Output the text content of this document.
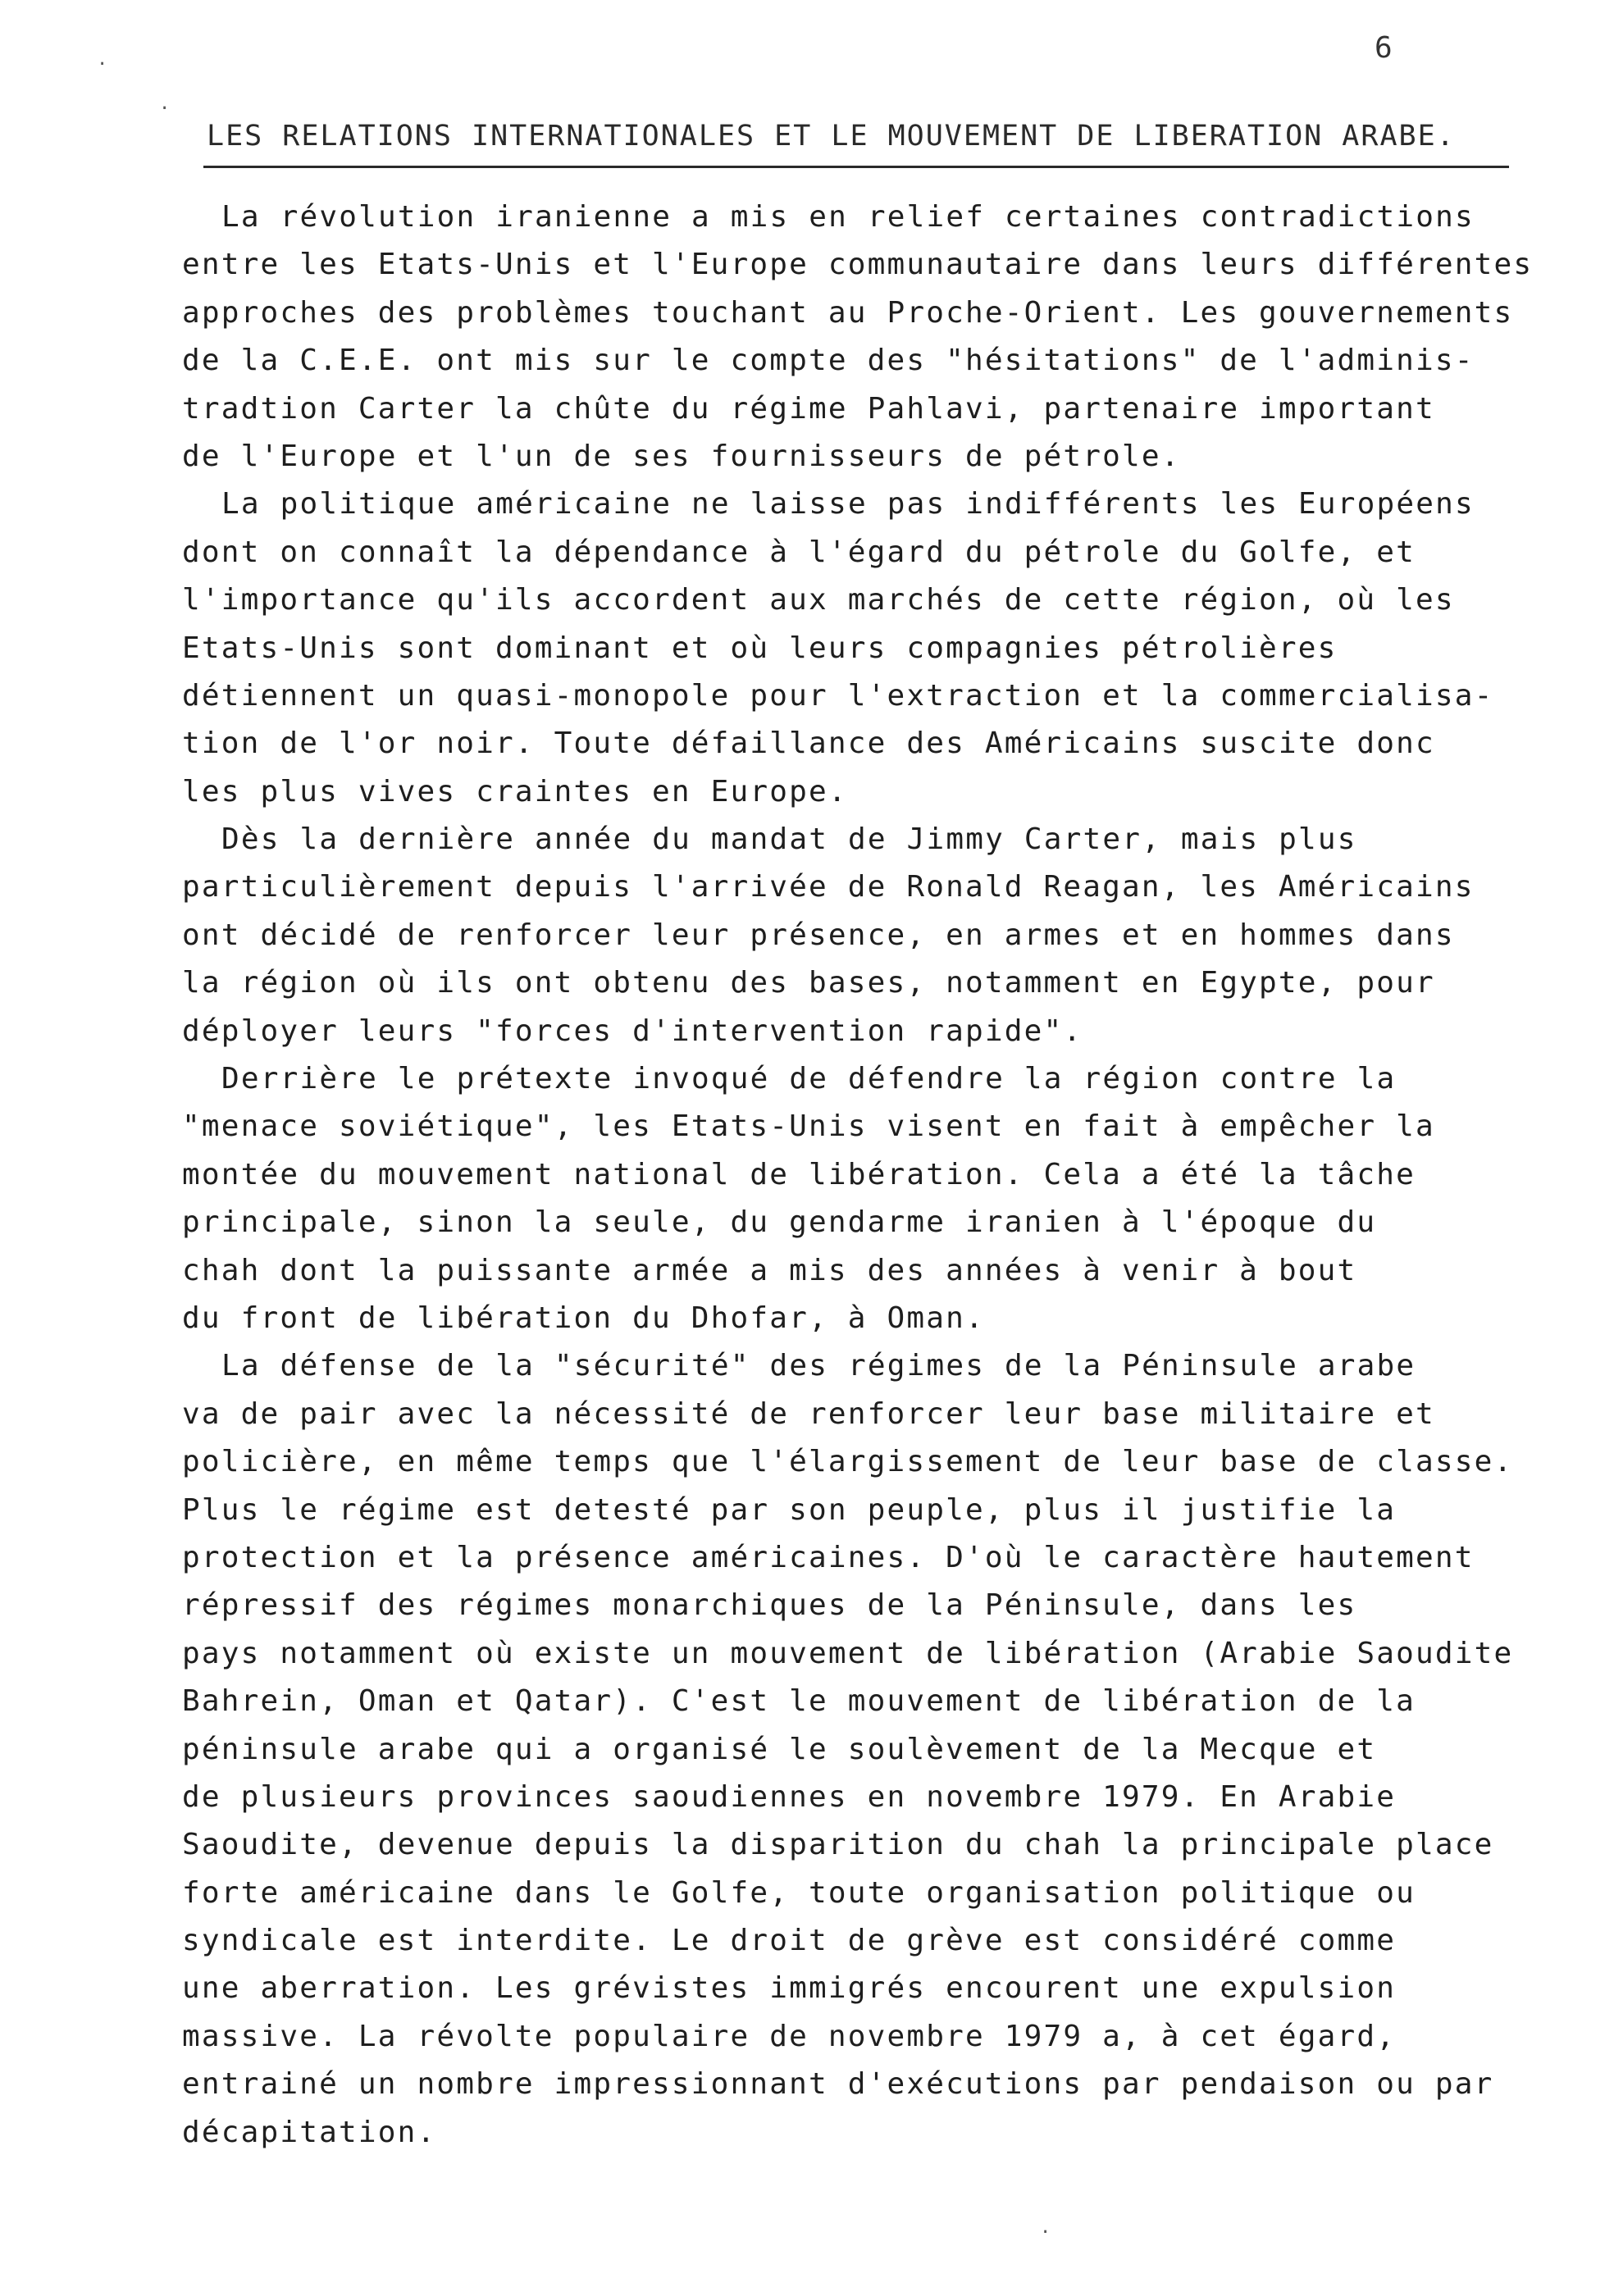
6
LES RELATIONS INTERNATIONALES ET LE MOUVEMENT DE LIBERATION ARABE.
La révolution iranienne a mis en relief certaines contradictions
entre les Etats-Unis et l'Europe communautaire dans leurs différentes
approches des problèmes touchant au Proche-Orient. Les gouvernements
de la C.E.E. ont mis sur le compte des "hésitations" de l'adminis-
tradtion Carter la chûte du régime Pahlavi, partenaire important
de l'Europe et l'un de ses fournisseurs de pétrole.
La politique américaine ne laisse pas indifférents les Européens
dont on connaît la dépendance à l'égard du pétrole du Golfe, et
l'importance qu'ils accordent aux marchés de cette région, où les
Etats-Unis sont dominant et où leurs compagnies pétrolières
détiennent un quasi-monopole pour l'extraction et la commercialisa-
tion de l'or noir. Toute défaillance des Américains suscite donc
les plus vives craintes en Europe.
Dès la dernière année du mandat de Jimmy Carter, mais plus
particulièrement depuis l'arrivée de Ronald Reagan, les Américains
ont décidé de renforcer leur présence, en armes et en hommes dans
la région où ils ont obtenu des bases, notamment en Egypte, pour
déployer leurs "forces d'intervention rapide".
Derrière le prétexte invoqué de défendre la région contre la
"menace soviétique", les Etats-Unis visent en fait à empêcher la
montée du mouvement national de libération. Cela a été la tâche
principale, sinon la seule, du gendarme iranien à l'époque du
chah dont la puissante armée a mis des années à venir à bout
du front de libération du Dhofar, à Oman.
La défense de la "sécurité" des régimes de la Péninsule arabe
va de pair avec la nécessité de renforcer leur base militaire et
policière, en même temps que l'élargissement de leur base de classe.
Plus le régime est detesté par son peuple, plus il justifie la
protection et la présence américaines. D'où le caractère hautement
répressif des régimes monarchiques de la Péninsule, dans les
pays notamment où existe un mouvement de libération (Arabie Saoudite
Bahrein, Oman et Qatar). C'est le mouvement de libération de la
péninsule arabe qui a organisé le soulèvement de la Mecque et
de plusieurs provinces saoudiennes en novembre 1979. En Arabie
Saoudite, devenue depuis la disparition du chah la principale place
forte américaine dans le Golfe, toute organisation politique ou
syndicale est interdite. Le droit de grève est considéré comme
une aberration. Les grévistes immigrés encourent une expulsion
massive. La révolte populaire de novembre 1979 a, à cet égard,
entrainé un nombre impressionnant d'exécutions par pendaison ou par
décapitation.
·
·
·
